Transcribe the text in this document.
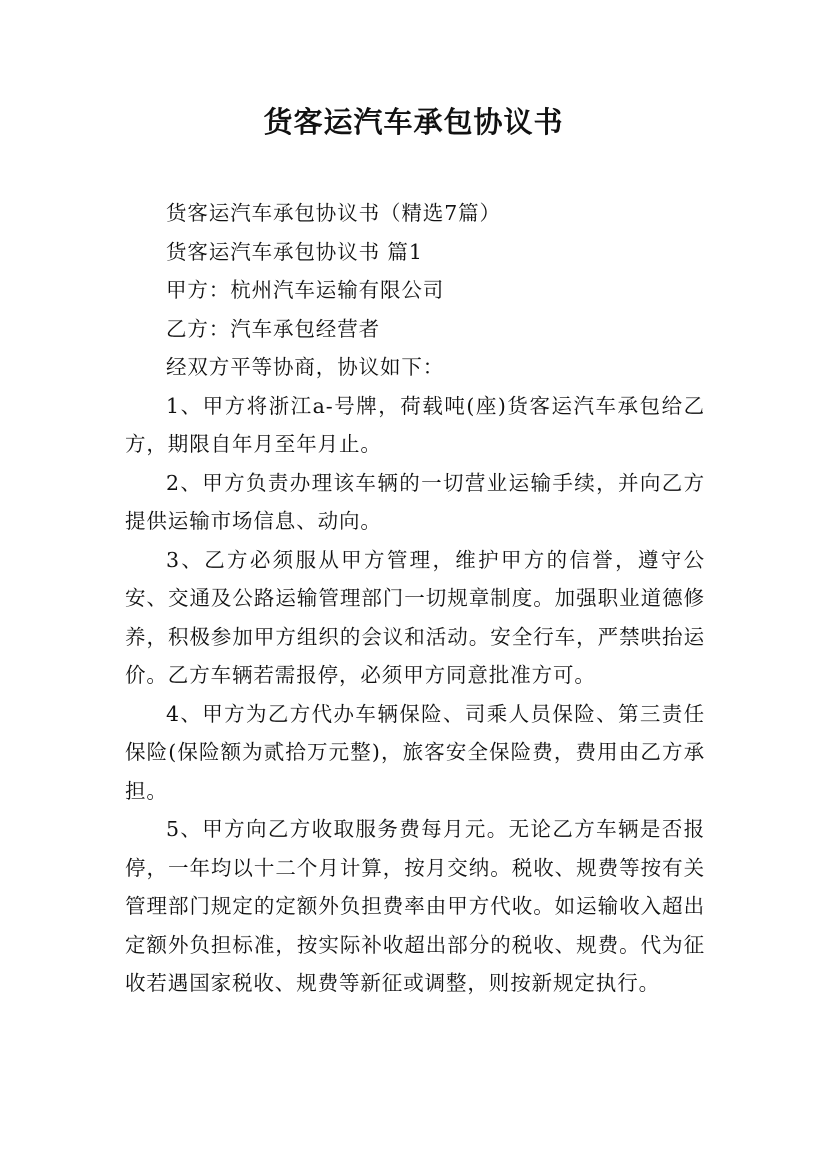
货客运汽车承包协议书

货客运汽车承包协议书（精选7篇）

货客运汽车承包协议书 篇1

甲方：杭州汽车运输有限公司

乙方：汽车承包经营者

经双方平等协商，协议如下：

1、甲方将浙江a-号牌，荷载吨(座)货客运汽车承包给乙方，期限自年月至年月止。

2、甲方负责办理该车辆的一切营业运输手续，并向乙方提供运输市场信息、动向。

3、乙方必须服从甲方管理，维护甲方的信誉，遵守公安、交通及公路运输管理部门一切规章制度。加强职业道德修养，积极参加甲方组织的会议和活动。安全行车，严禁哄抬运价。乙方车辆若需报停，必须甲方同意批准方可。

4、甲方为乙方代办车辆保险、司乘人员保险、第三责任保险(保险额为贰拾万元整)，旅客安全保险费，费用由乙方承担。

5、甲方向乙方收取服务费每月元。无论乙方车辆是否报停，一年均以十二个月计算，按月交纳。税收、规费等按有关管理部门规定的定额外负担费率由甲方代收。如运输收入超出定额外负担标准，按实际补收超出部分的税收、规费。代为征收若遇国家税收、规费等新征或调整，则按新规定执行。
